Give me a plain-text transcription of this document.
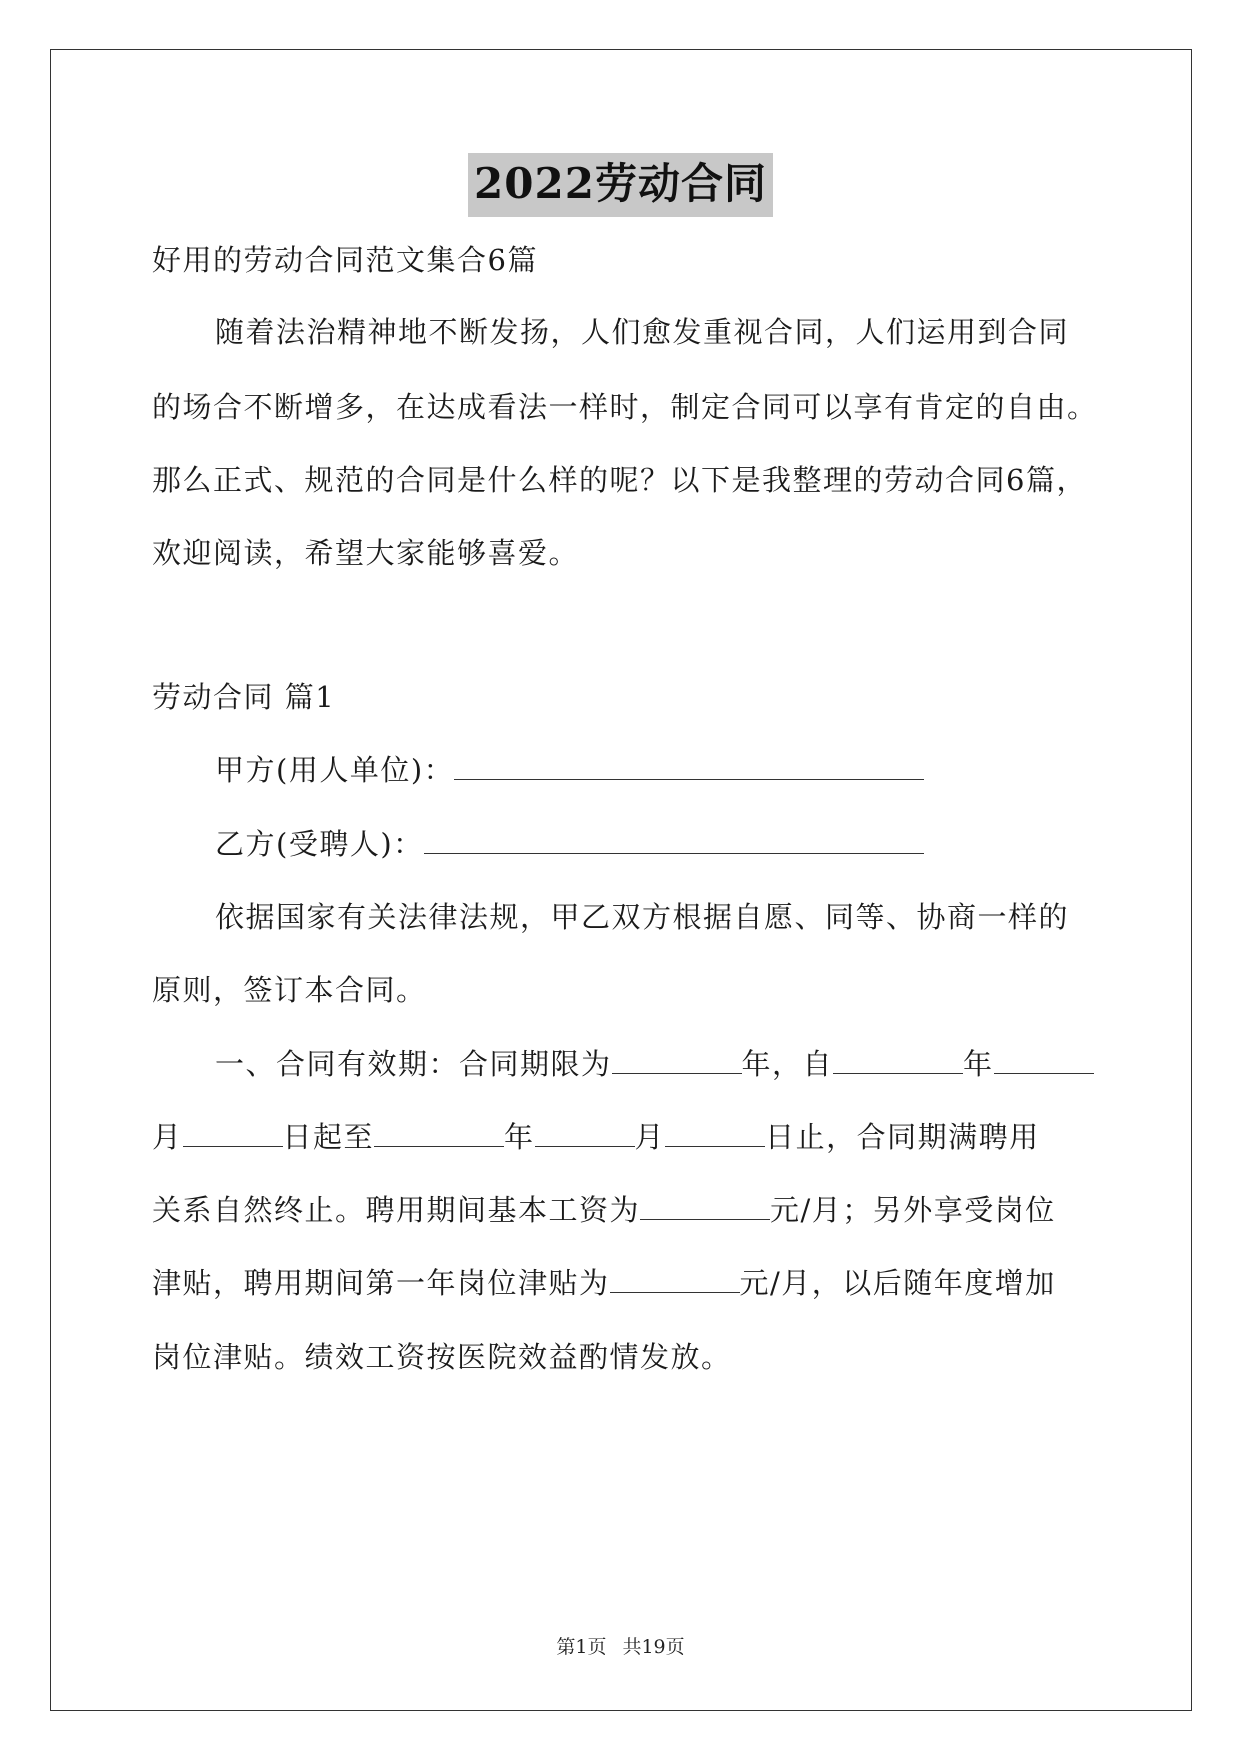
2022劳动合同
好用的劳动合同范文集合6篇
随着法治精神地不断发扬，人们愈发重视合同，人们运用到合同
的场合不断增多，在达成看法一样时，制定合同可以享有肯定的自由。
那么正式、规范的合同是什么样的呢？以下是我整理的劳动合同6篇，
欢迎阅读，希望大家能够喜爱。
劳动合同 篇1
甲方(用人单位)：
乙方(受聘人)：
依据国家有关法律法规，甲乙双方根据自愿、同等、协商一样的
原则，签订本合同。
一、合同有效期：合同期限为	年，自	年
月	日起至	年	月	日止，合同期满聘用
关系自然终止。聘用期间基本工资为	元/月；另外享受岗位
津贴，聘用期间第一年岗位津贴为	元/月，以后随年度增加
岗位津贴。绩效工资按医院效益酌情发放。
第1页 共19页
